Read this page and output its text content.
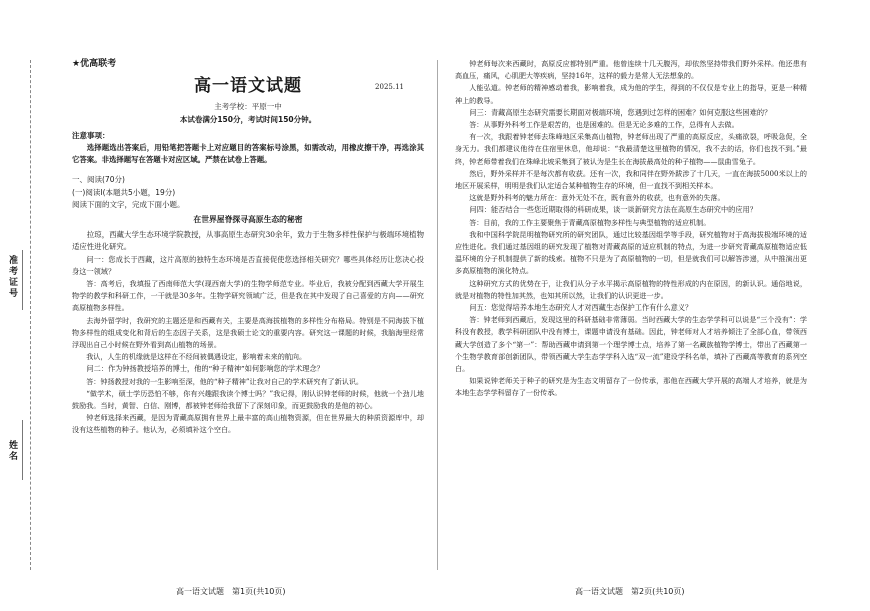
准考证号
姓名
★优高联考
高一语文试题	2025.11
主考学校：平原一中
本试卷满分150分，考试时间150分钟。
注意事项：

选择题选出答案后，用铅笔把答题卡上对应题目的答案标号涂黑，如需改动，用橡皮擦干净，再选涂其它答案。非选择题写在答题卡对应区域。严禁在试卷上答题。

一、阅读(70分)
(一)阅读Ⅰ(本题共5小题，19分)
阅读下面的文字，完成下面小题。
在世界屋脊探寻高原生态的秘密

拉琼，西藏大学生态环境学院教授，从事高原生态研究30余年，致力于生物多样性保护与极端环境植物适应性进化研究。

问一：您成长于西藏，这片高原的独特生态环境是否直接促使您选择相关研究？哪些具体经历让您决心投身这一领域？

答：高考后，我填报了西南师范大学(现西南大学)的生物学师范专业。毕业后，我被分配到西藏大学开展生物学的教学和科研工作，一干就是30多年。生物学研究领域广泛，但是我在其中发现了自己喜爱的方向——研究高原植物多样性。

去海外留学时，我研究的主题还是和西藏有关，主要是高海拔植物的多样性分布格局。特别是不同海拔下植物多样性的组成变化和背后的生态因子关系，这是我硕士论文的重要内容。研究这一课题的时候，我脑海里经常浮现出自己小时候在野外看到高山植物的场景。

我认，人生的机缘就是这样在不经间被偶遇设定，影响着未来的航向。

问二：作为钟扬教授培养的博士，他的“种子精神”如何影响您的学术理念？

答：钟扬教授对我的一生影响至深，他的“种子精神”让我对自己的学术研究有了新认识。

“做学术，硕士学历恐怕不够，你有兴趣跟我读个博士吗？”我记得，刚认识钟老师的时候，他就一个劲儿地鼓励我。当时，黄智、白信、刚博，都被钟老师给我留下了深刻印象，而更鼓励我的是他的初心。

钟老师选择来西藏，是因为青藏高原拥有世界上最丰富的高山植物资源，但在世界最大的种质资源库中，却没有这些植物的种子。他认为，必须填补这个空白。

高一语文试题　第1页(共10页)

钟老师每次来西藏时，高原反应都特别严重。他曾连续十几天腹泻，却依然坚持带我们野外采样。他还患有高血压，痛风，心肌肥大等疾病，坚持16年，这样的毅力是常人无法想象的。

人能弘道。钟老师的精神感动着我，影响着我，成为他的学生，得到的不仅仅是专业上的指导，更是一种精神上的教导。

问三：青藏高原生态研究需要长期面对极端环境，您遇到过怎样的困难？如何克服这些困难的？

答：从事野外科考工作是艰苦的，也是困难的。但是无论多难的工作，总得有人去做。

有一次，我跟着钟老师去珠峰地区采集高山植物，钟老师出现了严重的高原反应，头痛欲裂，呼吸急促，全身无力。我们都建议他待在住宿里休息，他却说：“我最清楚这里植物的情况，我不去的话，你们也找不到。”最终，钟老师带着我们在珠峰北坡采集到了被认为是生长在海拔最高处的种子植物——鼠曲雪兔子。

然后，野外采样并不是每次都有收获。还有一次，我和同伴在野外跋涉了十几天，一直在海拔5000米以上的地区开展采样，明明是我们认定适合某种植物生存的环境，但一直找不到相关样本。

这就是野外科考的魅力所在：意外无处不在，既有意外的收获，也有意外的失落。

问四：能否结合一些您近期取得的科研成果，谈一谈新研究方法在高原生态研究中的应用？

答：目前，我的工作主要聚焦于青藏高原植物多样性与典型植物的适应机制。

我和中国科学院昆明植物研究所的研究团队，通过比较基因组学等手段，研究植物对于高海拔极端环境的适应性进化。我们通过基因组的研究发现了植物对青藏高原的适应机制的特点，为进一步研究青藏高原植物适应低温环境的分子机制提供了新的线索。植物不只是为了高原植物的一切，但是就我们可以解答涉递，从中推演出更多高原植物的演化特点。

这种研究方式的优势在于，让我们从分子水平揭示高原植物的特性形成的内在原因，的新认识。通俗地说，就是对植物的特性加其然，也知其所以然，让我们的认识更进一步。

问五：您觉得培养本地生态研究人才对西藏生态保护工作有什么意义？

答：钟老师到西藏后，发现这里的科研基础非常薄弱。当时西藏大学的生态学学科可以说是“三个没有”：学科没有教授，教学科研团队中没有博士，课题申请没有基础。因此，钟老师对人才培养倾注了全部心血，带领西藏大学创造了多个“第一”：帮助西藏申请到第一个理学博士点，培养了第一名藏族植物学博士，带出了西藏第一个生物学教育部创新团队，带领西藏大学生态学学科入选“双一流”建设学科名单，填补了西藏高等教育的系列空白。

如果说钟老师关于种子的研究是为生态文明留存了一份传承，那他在西藏大学开展的高端人才培养，就是为本地生态学学科留存了一份传承。

高一语文试题　第2页(共10页)
